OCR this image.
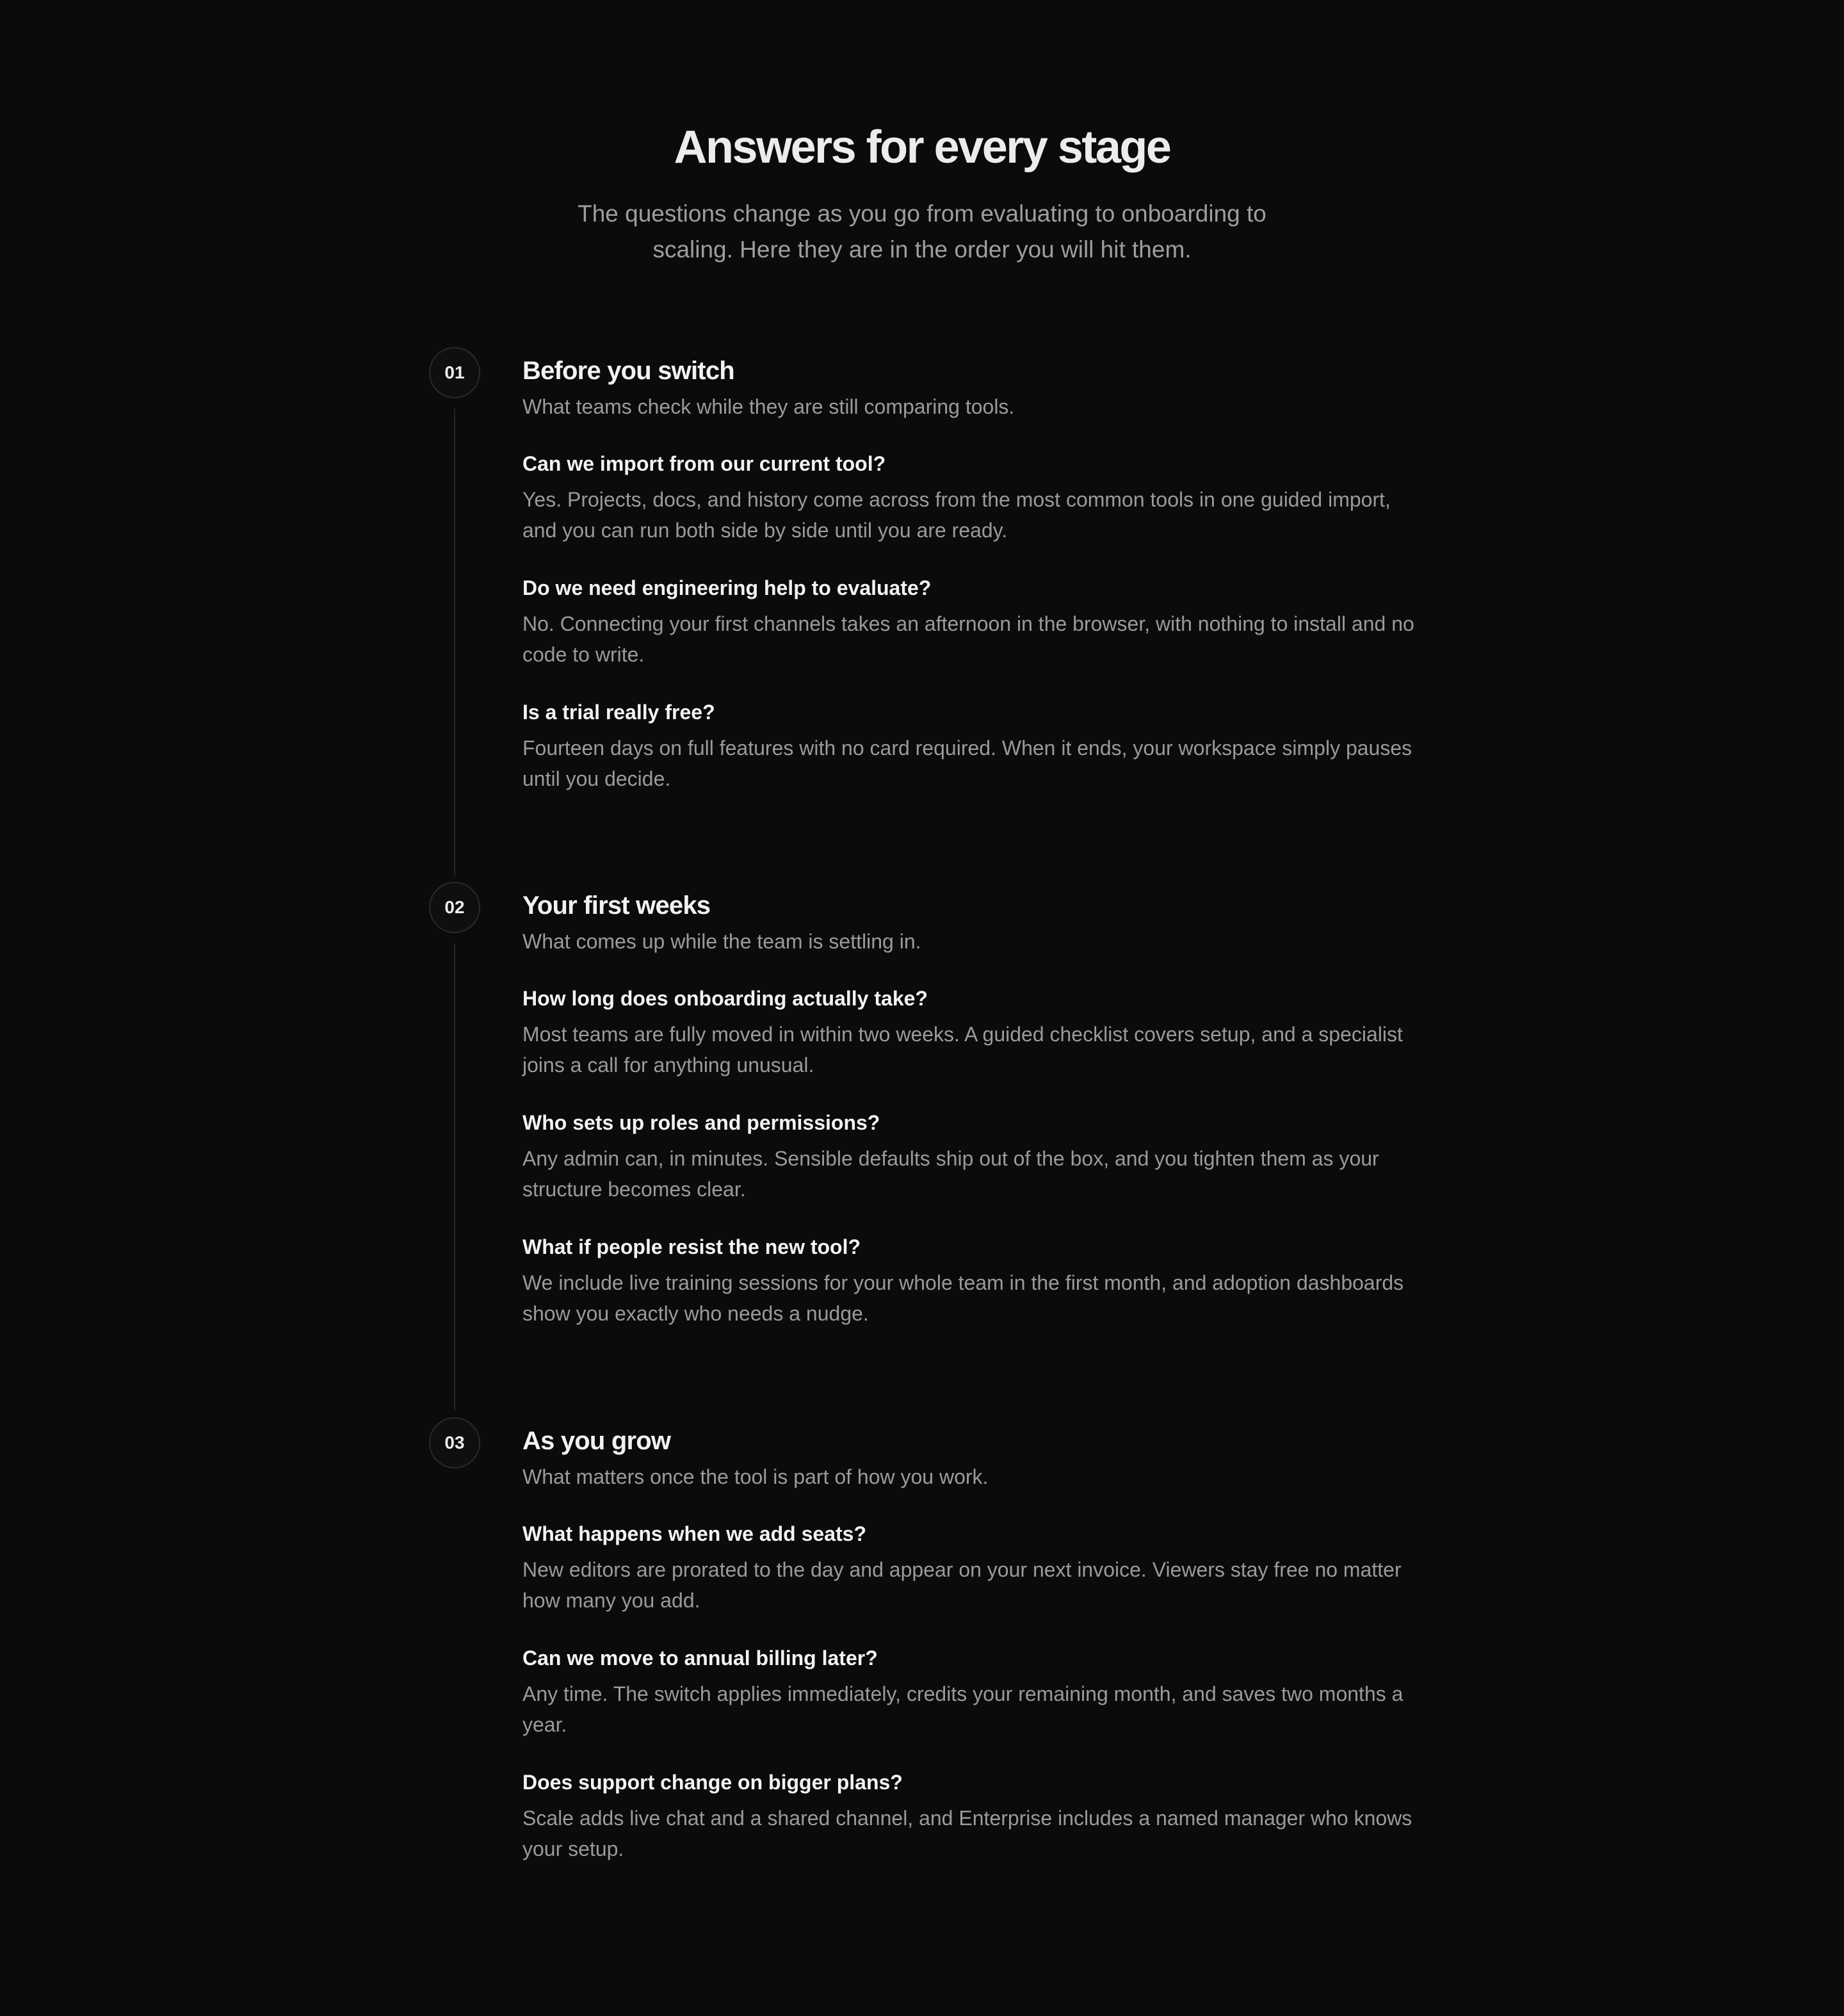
Answers for every stage

The questions change as you go from evaluating to onboarding to scaling. Here they are in the order you will hit them.

01	Before you switch

What teams check while they are still comparing tools.

Can we import from our current tool?

Yes. Projects, docs, and history come across from the most common tools in one guided import, and you can run both side by side until you are ready.

Do we need engineering help to evaluate?

No. Connecting your first channels takes an afternoon in the browser, with nothing to install and no code to write.

Is a trial really free?

Fourteen days on full features with no card required. When it ends, your workspace simply pauses until you decide.

02	Your first weeks

What comes up while the team is settling in.

How long does onboarding actually take?

Most teams are fully moved in within two weeks. A guided checklist covers setup, and a specialist joins a call for anything unusual.

Who sets up roles and permissions?

Any admin can, in minutes. Sensible defaults ship out of the box, and you tighten them as your structure becomes clear.

What if people resist the new tool?

We include live training sessions for your whole team in the first month, and adoption dashboards show you exactly who needs a nudge.

03	As you grow

What matters once the tool is part of how you work.

What happens when we add seats?

New editors are prorated to the day and appear on your next invoice. Viewers stay free no matter how many you add.

Can we move to annual billing later?

Any time. The switch applies immediately, credits your remaining month, and saves two months a year.

Does support change on bigger plans?

Scale adds live chat and a shared channel, and Enterprise includes a named manager who knows your setup.
